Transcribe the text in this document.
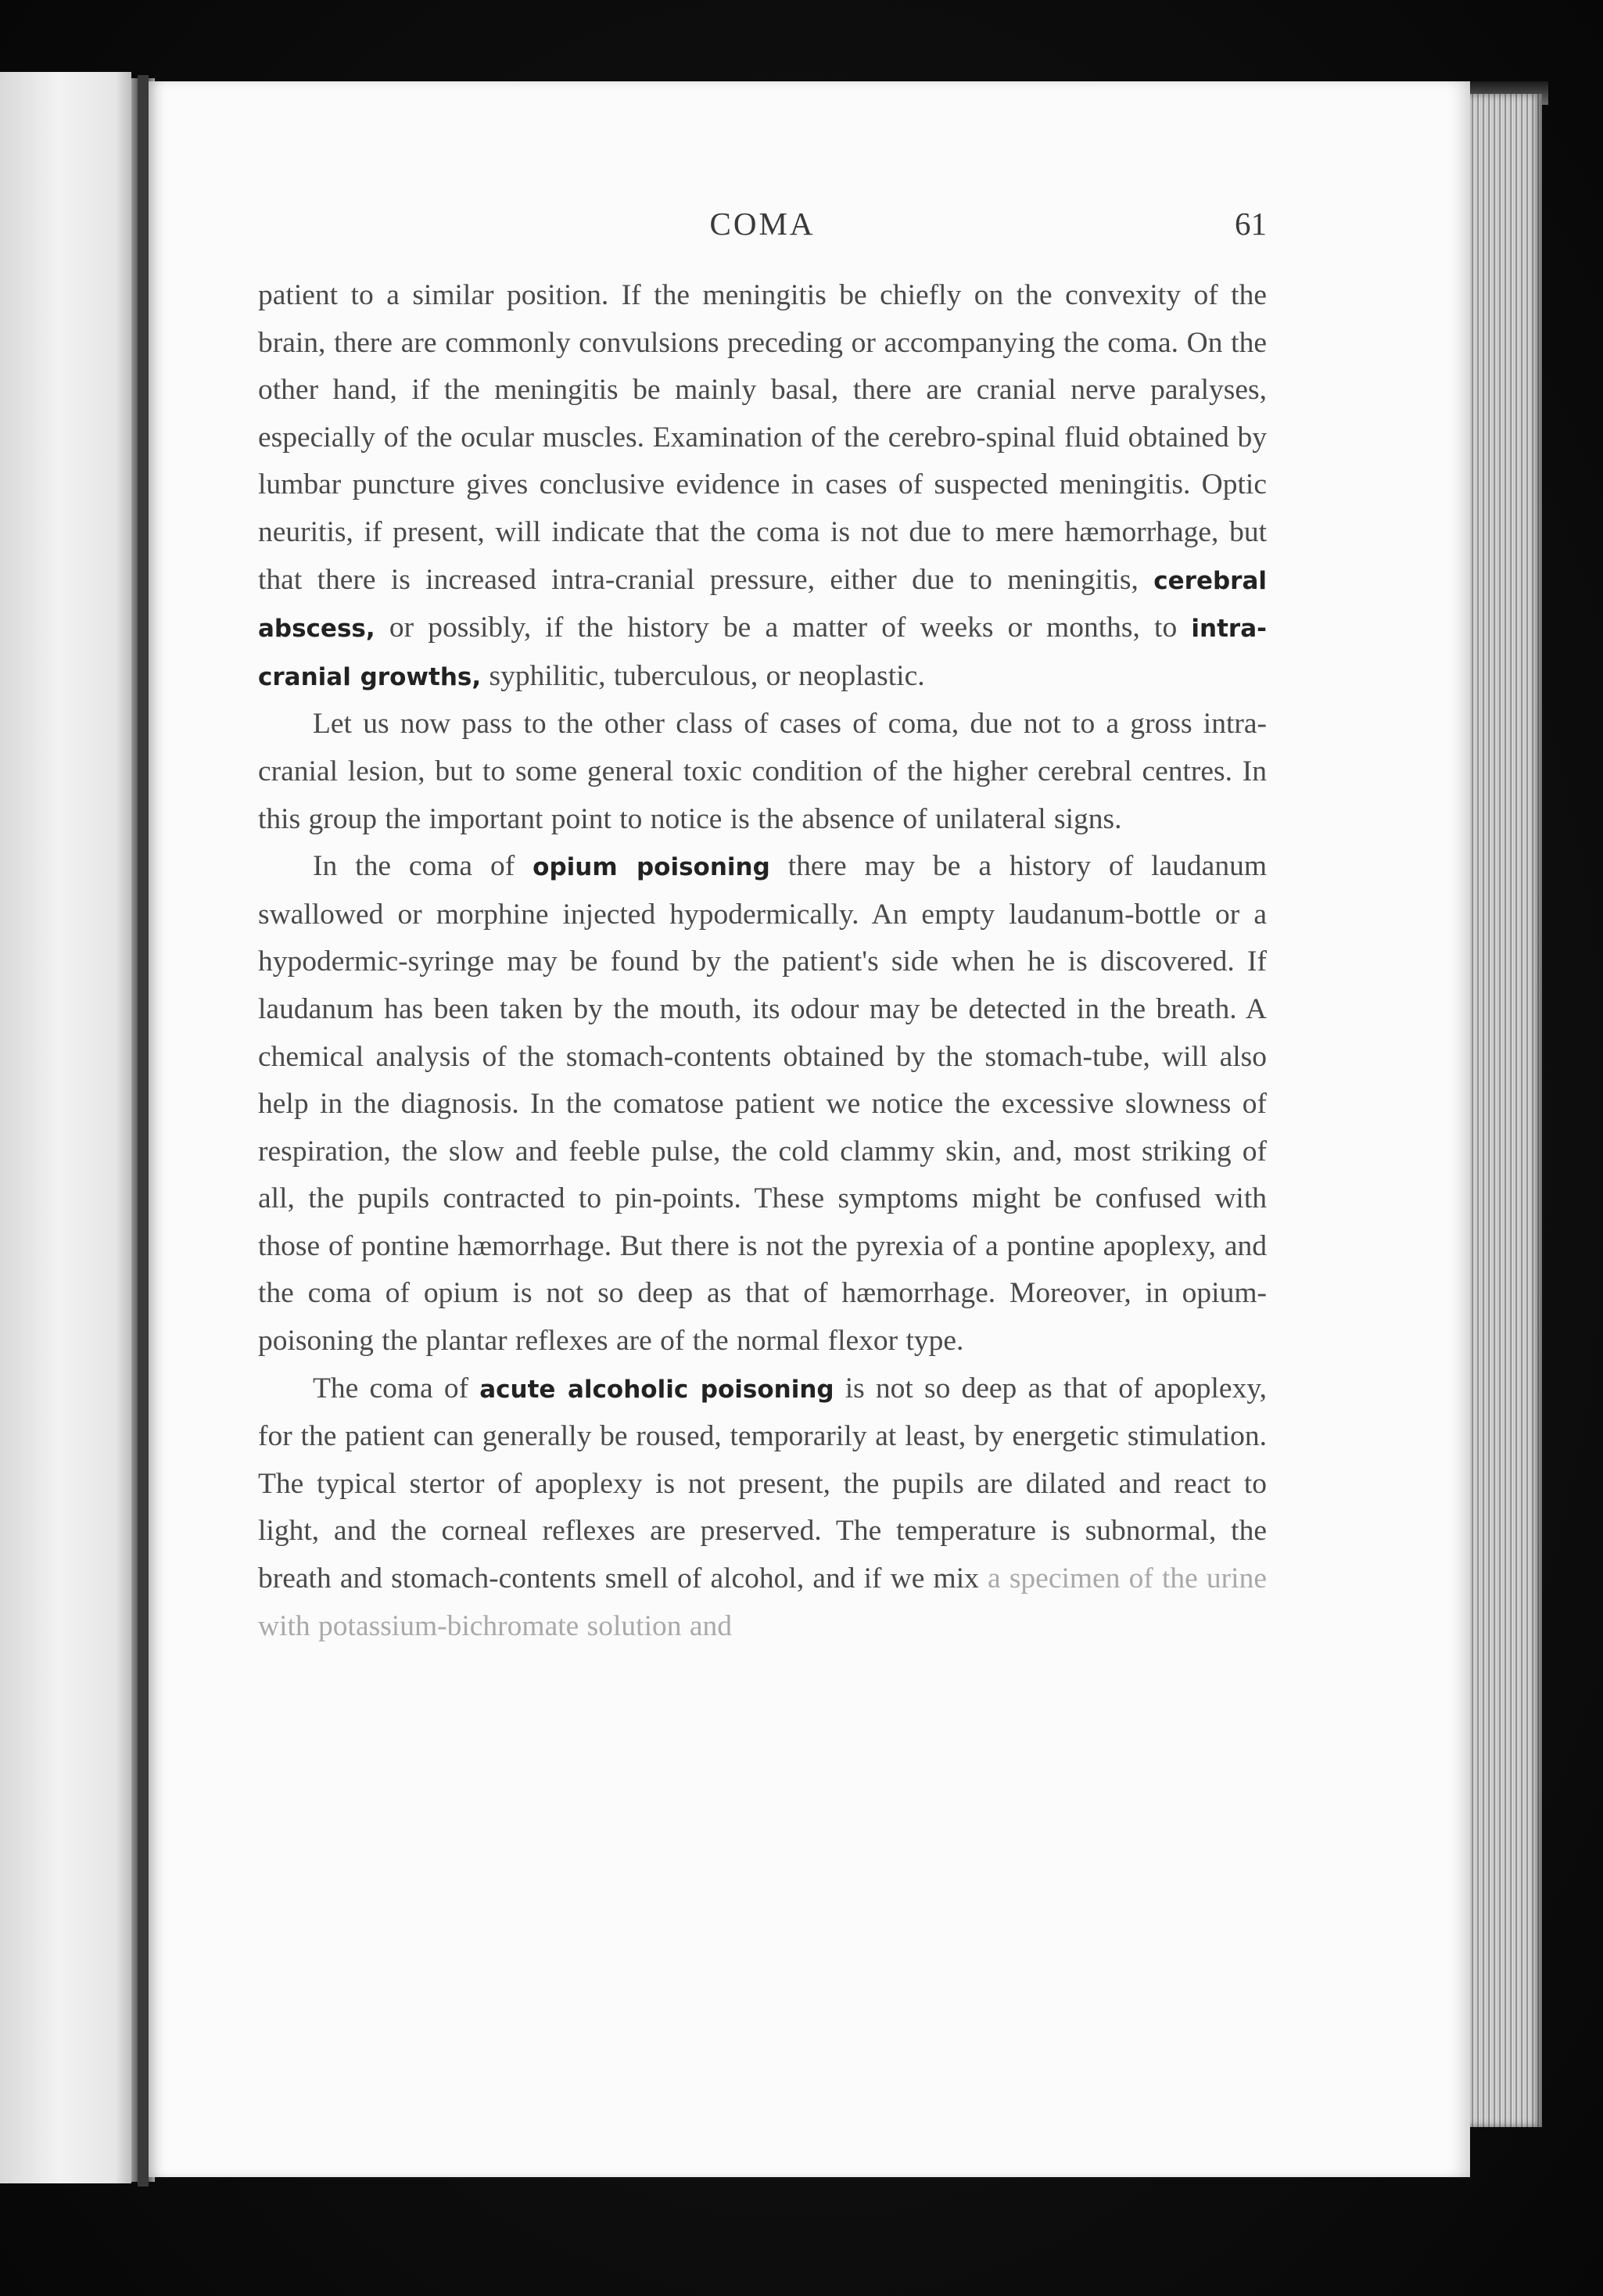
COMA	61

patient to a similar position. If the meningitis be chiefly on the convexity of the brain, there are commonly convulsions preceding or accompanying the coma. On the other hand, if the meningitis be mainly basal, there are cranial nerve paralyses, especially of the ocular muscles. Examination of the cerebro-spinal fluid obtained by lumbar puncture gives conclusive evidence in cases of suspected meningitis. Optic neuritis, if present, will indicate that the coma is not due to mere hæmorrhage, but that there is increased intra-cranial pressure, either due to meningitis, cerebral abscess, or possibly, if the history be a matter of weeks or months, to intra-cranial growths, syphilitic, tuberculous, or neoplastic.

Let us now pass to the other class of cases of coma, due not to a gross intra-cranial lesion, but to some general toxic condition of the higher cerebral centres. In this group the important point to notice is the absence of unilateral signs.

In the coma of opium poisoning there may be a history of laudanum swallowed or morphine injected hypodermically. An empty laudanum-bottle or a hypodermic-syringe may be found by the patient's side when he is discovered. If laudanum has been taken by the mouth, its odour may be detected in the breath. A chemical analysis of the stomach-contents obtained by the stomach-tube, will also help in the diagnosis. In the comatose patient we notice the excessive slowness of respiration, the slow and feeble pulse, the cold clammy skin, and, most striking of all, the pupils contracted to pin-points. These symptoms might be confused with those of pontine hæmorrhage. But there is not the pyrexia of a pontine apoplexy, and the coma of opium is not so deep as that of hæmorrhage. Moreover, in opium-poisoning the plantar reflexes are of the normal flexor type.

The coma of acute alcoholic poisoning is not so deep as that of apoplexy, for the patient can generally be roused, temporarily at least, by energetic stimulation. The typical stertor of apoplexy is not present, the pupils are dilated and react to light, and the corneal reflexes are preserved. The temperature is subnormal, the breath and stomach-contents smell of alcohol, and if we mix a specimen of the urine with potassium-bichromate solution and
